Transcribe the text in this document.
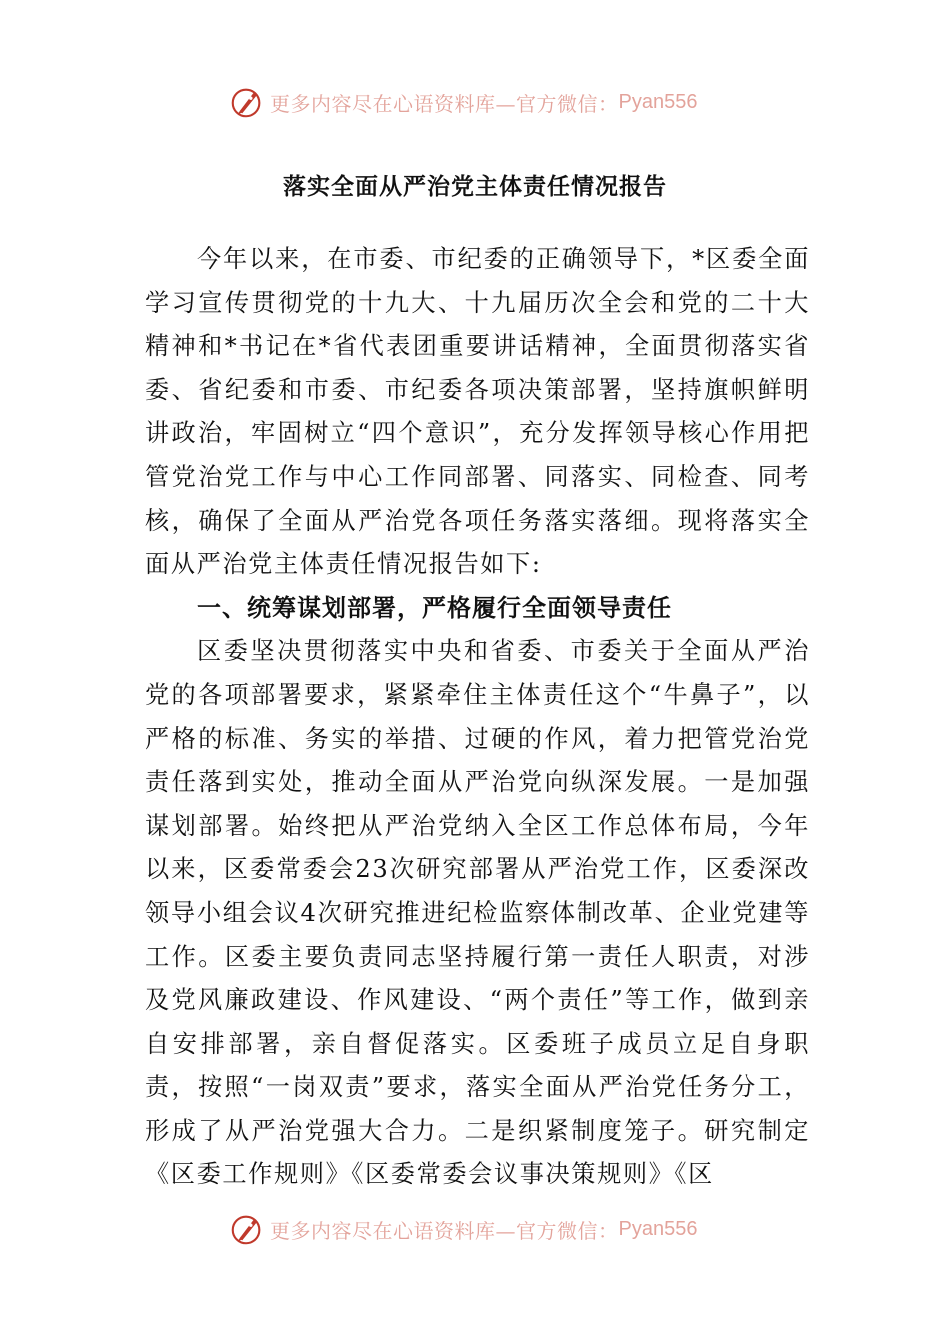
更多内容尽在心语资料库—官方微信： Pyan556
落实全面从严治党主体责任情况报告

今年以来，在市委、市纪委的正确领导下，*区委全面学习宣传贯彻党的十九大、十九届历次全会和党的二十大精神和*书记在*省代表团重要讲话精神，全面贯彻落实省委、省纪委和市委、市纪委各项决策部署，坚持旗帜鲜明讲政治，牢固树立“四个意识”，充分发挥领导核心作用把管党治党工作与中心工作同部署、同落实、同检查、同考核，确保了全面从严治党各项任务落实落细。现将落实全面从严治党主体责任情况报告如下:

一、统筹谋划部署，严格履行全面领导责任

区委坚决贯彻落实中央和省委、市委关于全面从严治党的各项部署要求，紧紧牵住主体责任这个“牛鼻子”，以严格的标准、务实的举措、过硬的作风，着力把管党治党责任落到实处，推动全面从严治党向纵深发展。一是加强谋划部署。始终把从严治党纳入全区工作总体布局，今年以来，区委常委会23次研究部署从严治党工作，区委深改领导小组会议4次研究推进纪检监察体制改革、企业党建等工作。区委主要负责同志坚持履行第一责任人职责，对涉及党风廉政建设、作风建设、“两个责任”等工作，做到亲自安排部署，亲自督促落实。区委班子成员立足自身职责，按照“一岗双责”要求，落实全面从严治党任务分工，形成了从严治党强大合力。二是织紧制度笼子。研究制定《区委工作规则》《区委常委会议事决策规则》《区

更多内容尽在心语资料库—官方微信： Pyan556
